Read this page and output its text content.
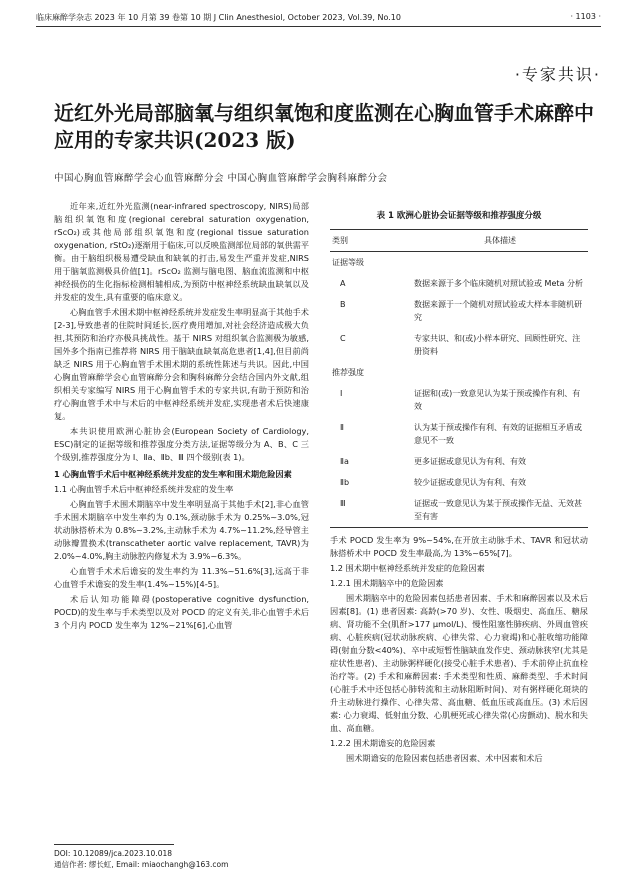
临床麻醉学杂志 2023 年 10 月第 39 卷第 10 期 J Clin Anesthesiol, October 2023, Vol.39, No.10	· 1103 ·
·专家共识·
近红外光局部脑氧与组织氧饱和度监测在心胸血管手术麻醉中应用的专家共识(2023 版)
中国心胸血管麻醉学会心血管麻醉分会 中国心胸血管麻醉学会胸科麻醉分会

近年来,近红外光监测(near-infrared spectroscopy, NIRS)局部脑组织氧饱和度(regional cerebral saturation oxygenation, rScO₂)或其他局部组织氧饱和度(regional tissue saturation oxygenation, rStO₂)逐渐用于临床,可以反映监测部位局部的氧供需平衡。由于脑组织极易遭受缺血和缺氧的打击,易发生严重并发症,NIRS 用于脑氧监测极具价值[1]。rScO₂ 监测与脑电图、脑血流监测和中枢神经损伤的生化指标检测相辅相成,为预防中枢神经系统缺血缺氧以及并发症的发生,具有重要的临床意义。

心胸血管手术围术期中枢神经系统并发症发生率明显高于其他手术[2-3],导致患者的住院时间延长,医疗费用增加,对社会经济造成极大负担,其预防和治疗亦极具挑战性。基于 NIRS 对组织氧合监测极为敏感,国外多个指南已推荐将 NIRS 用于脑缺血缺氧高危患者[1,4],但目前尚缺乏 NIRS 用于心胸血管手术围术期的系统性陈述与共识。因此,中国心胸血管麻醉学会心血管麻醉分会和胸科麻醉分会结合国内外文献,组织相关专家编写 NIRS 用于心胸血管手术的专家共识,有助于预防和治疗心胸血管手术中与术后的中枢神经系统并发症,实现患者术后快速康复。

本共识使用欧洲心脏协会(European Society of Cardiology, ESC)制定的证据等级和推荐强度分类方法,证据等级分为 A、B、C 三个级别,推荐强度分为 Ⅰ、Ⅱa、Ⅱb、Ⅲ 四个级别(表 1)。

1 心胸血管手术后中枢神经系统并发症的发生率和围术期危险因素
1.1 心胸血管手术后中枢神经系统并发症的发生率

心胸血管手术围术期脑卒中发生率明显高于其他手术[2],非心血管手术围术期脑卒中发生率约为 0.1%,颈动脉手术为 0.25%~3.0%,冠状动脉搭桥术为 0.8%~3.2%,主动脉手术为 4.7%~11.2%,经导管主动脉瓣置换术(transcatheter aortic valve replacement, TAVR)为 2.0%~4.0%,胸主动脉腔内修复术为 3.9%~6.3%。

心血管手术术后谵妄的发生率约为 11.3%~51.6%[3],远高于非心血管手术谵妄的发生率(1.4%~15%)[4-5]。

术后认知功能障碍(postoperative cognitive dysfunction, POCD)的发生率与手术类型以及对 POCD 的定义有关,非心血管手术后 3 个月内 POCD 发生率为 12%~21%[6],心血管

DOI: 10.12089/jca.2023.10.018
通信作者: 缪长虹, Email: miaochangh@163.com
表 1 欧洲心脏协会证据等级和推荐强度分级
类别	具体描述
证据等级	
A	数据来源于多个临床随机对照试验或 Meta 分析
B	数据来源于一个随机对照试验或大样本非随机研究
C	专家共识、和(或)小样本研究、回顾性研究、注册资料
推荐强度	
Ⅰ	证据和(或)一致意见认为某于预或操作有利、有效
Ⅱ	认为某于预或操作有利、有效的证据相互矛盾或意见不一致
Ⅱa	更多证据或意见认为有利、有效
Ⅱb	较少证据或意见认为有利、有效
Ⅲ	证据或一致意见认为某于预或操作无益、无效甚至有害

手术 POCD 发生率为 9%~54%,在开放主动脉手术、TAVR 和冠状动脉搭桥术中 POCD 发生率最高,为 13%~65%[7]。

1.2 围术期中枢神经系统并发症的危险因素
1.2.1 围术期脑卒中的危险因素

围术期脑卒中的危险因素包括患者因素、手术和麻醉因素以及术后因素[8]。(1) 患者因素: 高龄(>70 岁)、女性、吸烟史、高血压、糖尿病、肾功能不全(肌酐>177 μmol/L)、慢性阻塞性肺疾病、外周血管疾病、心脏疾病(冠状动脉疾病、心律失常、心力衰竭)和心脏收缩功能障碍(射血分数<40%)、卒中或短暂性脑缺血发作史、颈动脉狭窄(尤其是症状性患者)、主动脉粥样硬化(接受心脏手术患者)、手术前停止抗血栓治疗等。(2) 手术和麻醉因素: 手术类型和性质、麻醉类型、手术时间(心脏手术中还包括心肺转流和主动脉阻断时间)、对有粥样硬化斑块的升主动脉进行操作、心律失常、高血糖、低血压或高血压。(3) 术后因素: 心力衰竭、低射血分数、心肌梗死或心律失常(心房颤动)、脱水和失血、高血糖。

1.2.2 围术期谵妄的危险因素

围术期谵妄的危险因素包括患者因素、术中因素和术后
